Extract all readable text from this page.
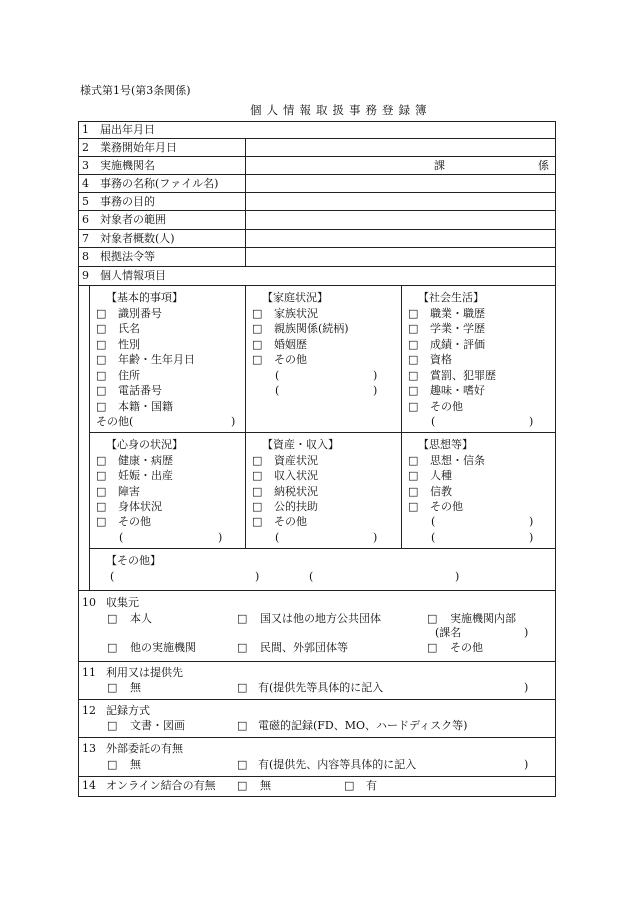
様式第1号(第3条関係)
個人情報取扱事務登録簿
1 届出年月日
2 業務開始年月日
3 実施機関名	課	係
4 事務の名称(ファイル名)
5 事務の目的
6 対象者の範囲
7 対象者概数(人)
8 根拠法令等
9 個人情報項目
【基本的事項】
□ 識別番号
□ 氏名
□ 性別
□ 年齢・生年月日
□ 住所
□ 電話番号
□ 本籍・国籍
その他(	)
【家庭状況】
□ 家族状況
□ 親族関係(続柄)
□ 婚姻歴
□ その他
(	)
(	)
【社会生活】
□ 職業・職歴
□ 学業・学歴
□ 成績・評価
□ 資格
□ 賞罰、犯罪歴
□ 趣味・嗜好
□ その他
(	)
【心身の状況】
□ 健康・病歴
□ 妊娠・出産
□ 障害
□ 身体状況
□ その他
(	)
【資産・収入】
□ 資産状況
□ 収入状況
□ 納税状況
□ 公的扶助
□ その他
(	)
【思想等】
□ 思想・信条
□ 人種
□ 信教
□ その他
(	)
(	)
【その他】
(	)	(	)
10 収集元
□ 本人	□ 国又は他の地方公共団体	□ 実施機関内部
(課名	)
□ 他の実施機関	□ 民間、外郭団体等	□ その他
11 利用又は提供先
□ 無	□ 有(提供先等具体的に記入	)
12 記録方式
□ 文書・図画	□ 電磁的記録(FD、MO、ハードディスク等)
13 外部委託の有無
□ 無	□ 有(提供先、内容等具体的に記入	)
14 オンライン結合の有無 □ 無	□ 有
